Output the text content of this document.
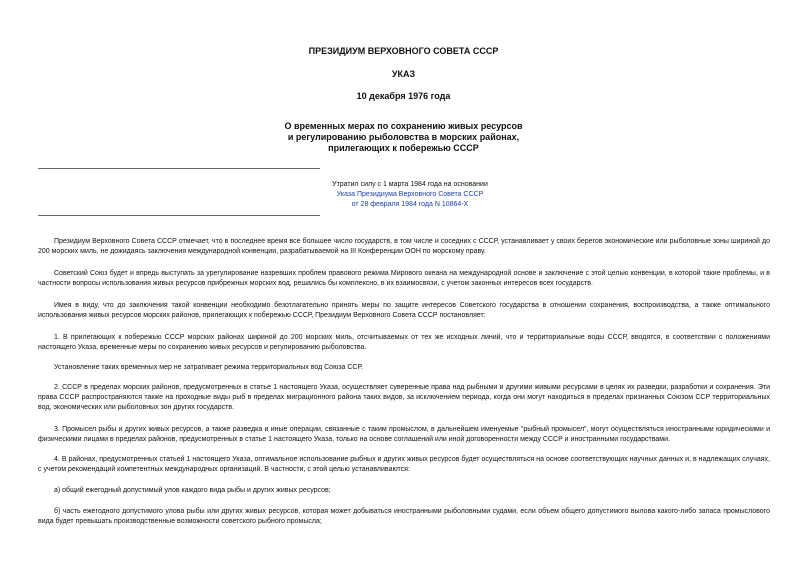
ПРЕЗИДИУМ ВЕРХОВНОГО СОВЕТА СССР
УКАЗ
10 декабря 1976 года
О временных мерах по сохранению живых ресурсов
и регулированию рыболовства в морских районах,
прилегающих к побережью СССР
Утратил силу с 1 марта 1984 года на основании
Указа Президиума Верховного Совета СССР
от 28 февраля 1984 года N 10864-X

Президиум Верховного Совета СССР отмечает, что в последнее время все большее число государств, в том числе и соседних с СССР, устанавливает у своих берегов экономические или рыболовные зоны шириной до 200 морских миль, не дожидаясь заключения международной конвенции, разрабатываемой на III Конференции ООН по морскому праву.

Советский Союз будет и впредь выступать за урегулирование назревших проблем правового режима Мирового океана на международной основе и заключение с этой целью конвенции, в которой такие проблемы, и в частности вопросы использования живых ресурсов прибрежных морских вод, решались бы комплексно, в их взаимосвязи, с учетом законных интересов всех государств.

Имея в виду, что до заключения такой конвенции необходимо безотлагательно принять меры по защите интересов Советского государства в отношении сохранения, воспроизводства, а также оптимального использования живых ресурсов морских районов, прилегающих к побережью СССР, Президиум Верховного Совета СССР постановляет:

1. В прилегающих к побережью СССР морских районах шириной до 200 морских миль, отсчитываемых от тех же исходных линий, что и территориальные воды СССР, вводятся, в соответствии с положениями настоящего Указа, временные меры по сохранению живых ресурсов и регулированию рыболовства.

Установление таких временных мер не затрагивает режима территориальных вод Союза ССР.

2. СССР в пределах морских районов, предусмотренных в статье 1 настоящего Указа, осуществляет суверенные права над рыбными и другими живыми ресурсами в целях их разведки, разработки и сохранения. Эти права СССР распространяются также на проходные виды рыб в пределах миграционного района таких видов, за исключением периода, когда они могут находиться в пределах признанных Союзом ССР территориальных вод, экономических или рыболовных зон других государств.

3. Промысел рыбы и других живых ресурсов, а также разведка и иные операции, связанные с таким промыслом, в дальнейшем именуемые "рыбный промысел", могут осуществляться иностранными юридическими и физическими лицами в пределах районов, предусмотренных в статье 1 настоящего Указа, только на основе соглашений или иной договоренности между СССР и иностранными государствами.

4. В районах, предусмотренных статьей 1 настоящего Указа, оптимальное использование рыбных и других живых ресурсов будет осуществляться на основе соответствующих научных данных и, в надлежащих случаях, с учетом рекомендаций компетентных международных организаций. В частности, с этой целью устанавливаются:

а) общий ежегодный допустимый улов каждого вида рыбы и других живых ресурсов;

б) часть ежегодного допустимого улова рыбы или других живых ресурсов, которая может добываться иностранными рыболовными судами, если объем общего допустимого вылова какого-либо запаса промыслового вида будет превышать производственные возможности советского рыбного промысла;
